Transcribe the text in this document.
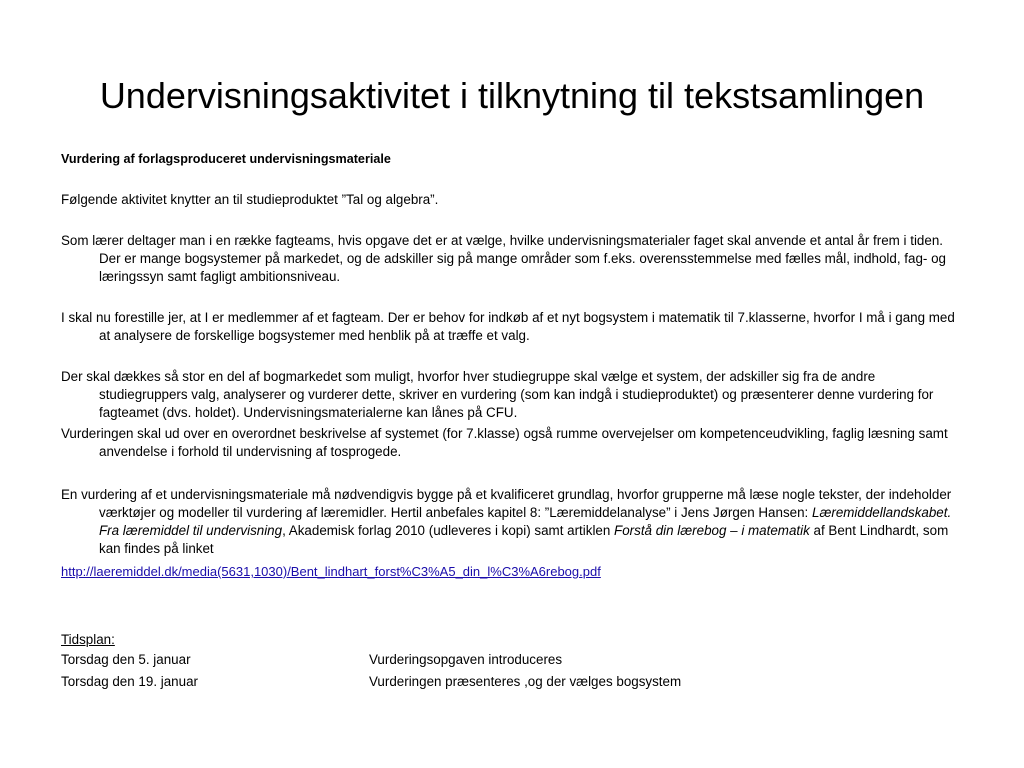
Undervisningsaktivitet i tilknytning til tekstsamlingen

Vurdering af forlagsproduceret undervisningsmateriale

Følgende aktivitet knytter an til studieproduktet ”Tal og algebra”.

Som lærer deltager man i en række fagteams, hvis opgave det er at vælge, hvilke undervisningsmaterialer faget skal anvende et antal år frem i tiden. Der er mange bogsystemer på markedet, og de adskiller sig på mange områder som f.eks. overensstemmelse med fælles mål, indhold, fag- og læringssyn samt fagligt ambitionsniveau.

I skal nu forestille jer, at I er medlemmer af et fagteam. Der er behov for indkøb af et nyt bogsystem i matematik til 7.klasserne, hvorfor I må i gang med at analysere de forskellige bogsystemer med henblik på at træffe et valg.

Der skal dækkes så stor en del af bogmarkedet som muligt, hvorfor hver studiegruppe skal vælge et system, der adskiller sig fra de andre studiegruppers valg, analyserer og vurderer dette, skriver en vurdering (som kan indgå i studieproduktet) og præsenterer denne vurdering for fagteamet (dvs. holdet). Undervisningsmaterialerne kan lånes på CFU.

Vurderingen skal ud over en overordnet beskrivelse af systemet (for 7.klasse) også rumme overvejelser om kompetenceudvikling, faglig læsning samt anvendelse i forhold til undervisning af tosprogede.

En vurdering af et undervisningsmateriale må nødvendigvis bygge på et kvalificeret grundlag, hvorfor grupperne må læse nogle tekster, der indeholder værktøjer og modeller til vurdering af læremidler. Hertil anbefales kapitel 8: ”Læremiddelanalyse” i Jens Jørgen Hansen: Læremiddellandskabet. Fra læremiddel til undervisning, Akademisk forlag 2010 (udleveres i kopi) samt artiklen Forstå din lærebog – i matematik af Bent Lindhardt, som kan findes på linket

http://laeremiddel.dk/media(5631,1030)/Bent_lindhart_forst%C3%A5_din_l%C3%A6rebog.pdf

Tidsplan:

Torsdag den 5. januar	Vurderingsopgaven introduceres
Torsdag den 19. januar	Vurderingen præsenteres ,og der vælges bogsystem
